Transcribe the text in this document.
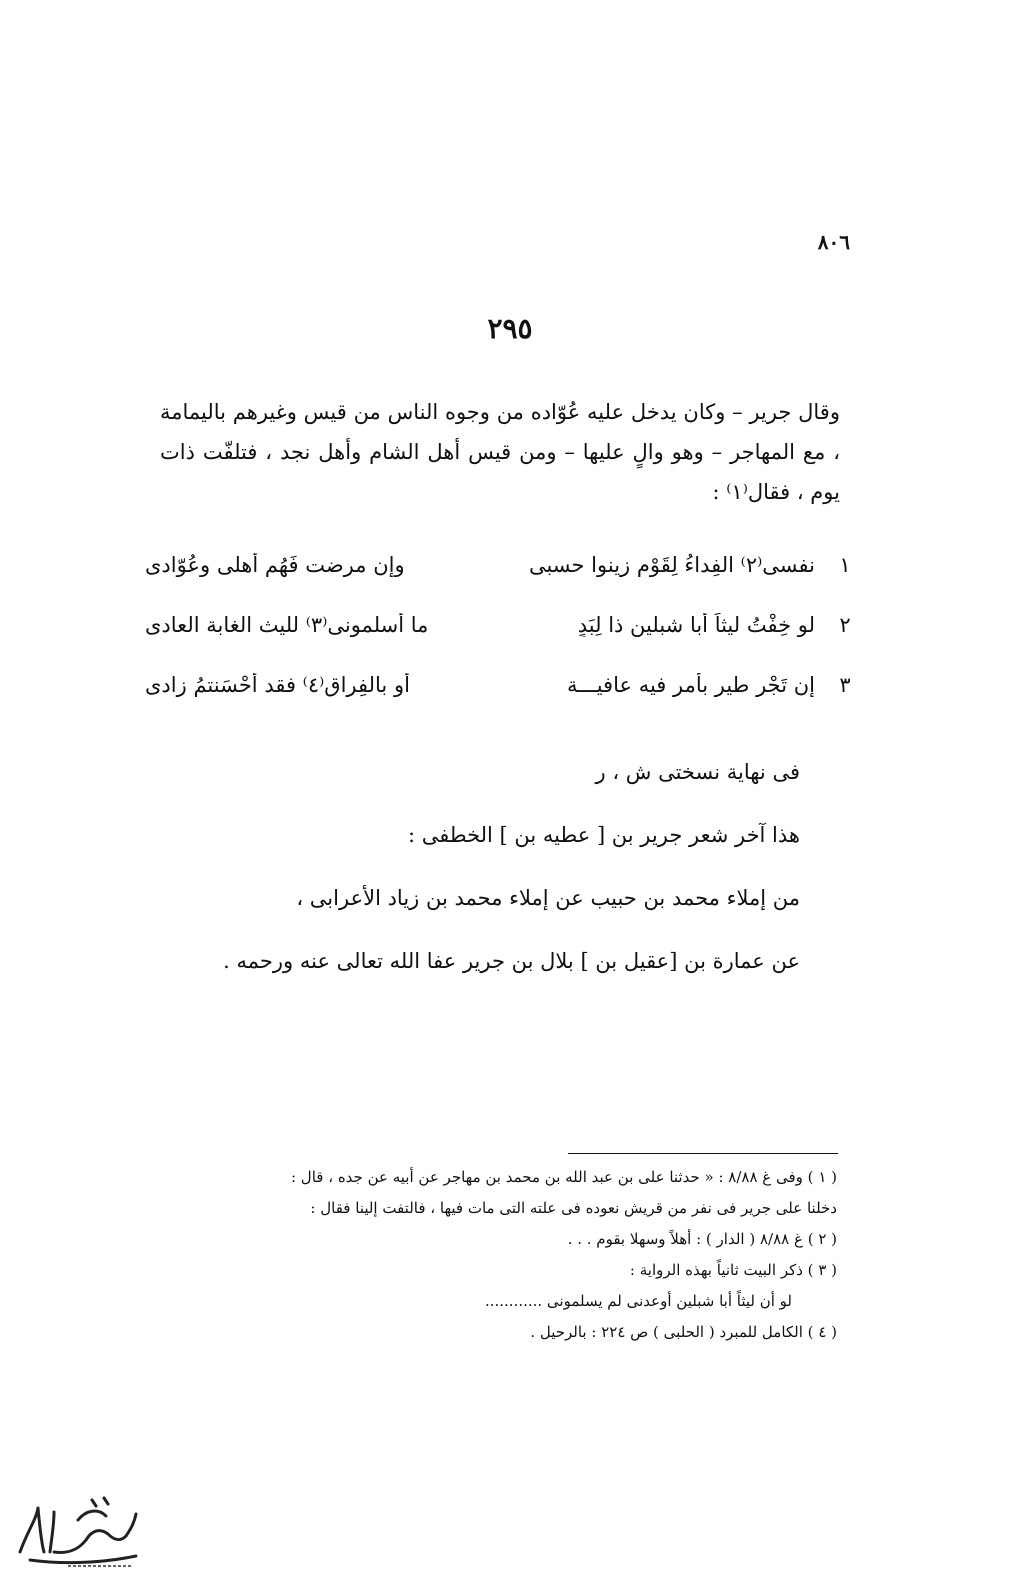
٨٠٦
٢٩٥
وقال جرير – وكان يدخل عليه عُوّاده من وجوه الناس من قيس وغيرهم باليمامة ، مع المهاجر – وهو والٍ عليها – ومن قيس أهل الشام وأهل نجد ، فتلفّت ذات يوم ، فقال⁽١⁾ :
١
نفسى⁽٢⁾ الفِداءُ لِقَوْمٍ زينوا حسبى
وإن مرضت فَهُم أهلى وعُوّادى
٢
لو خِفْتُ ليثاً أبا شبلين ذا لِبَدٍ
ما أسلمونى⁽٣⁾ لليث الغابة العادى
٣
إن تَجْرِ طير بأمرٍ فيه عافيـــة
أو بالفِراق⁽٤⁾ فقد أحْسَنتمُ زادى
فى نهاية نسختى ش ، ر
هذا آخر شعر جرير بن [ عطيه بن ] الخطفى :
من إملاء محمد بن حبيب عن إملاء محمد بن زياد الأعرابى ،
عن عمارة بن [عقيل بن ] بلال بن جرير عفا الله تعالى عنه ورحمه .
( ١ ) وفى غ ٨/٨٨ : « حدثنا على بن عبد الله بن محمد بن مهاجر عن أبيه عن جده ، قال :
دخلنا على جرير فى نفر من قريش نعوده فى علته التى مات فيها ، فالتفت إلينا فقال :
( ٢ ) غ ٨/٨٨ ( الدار ) : أهلاً وسهلا بقوم . . .
( ٣ ) ذكر البيت ثانياً بهذه الرواية :
لو أن ليثاً أبا شبلين أوعدنى لم يسلمونى ............
( ٤ ) الكامل للمبرد ( الحلبى ) ص ٢٢٤ : بالرحيل .
